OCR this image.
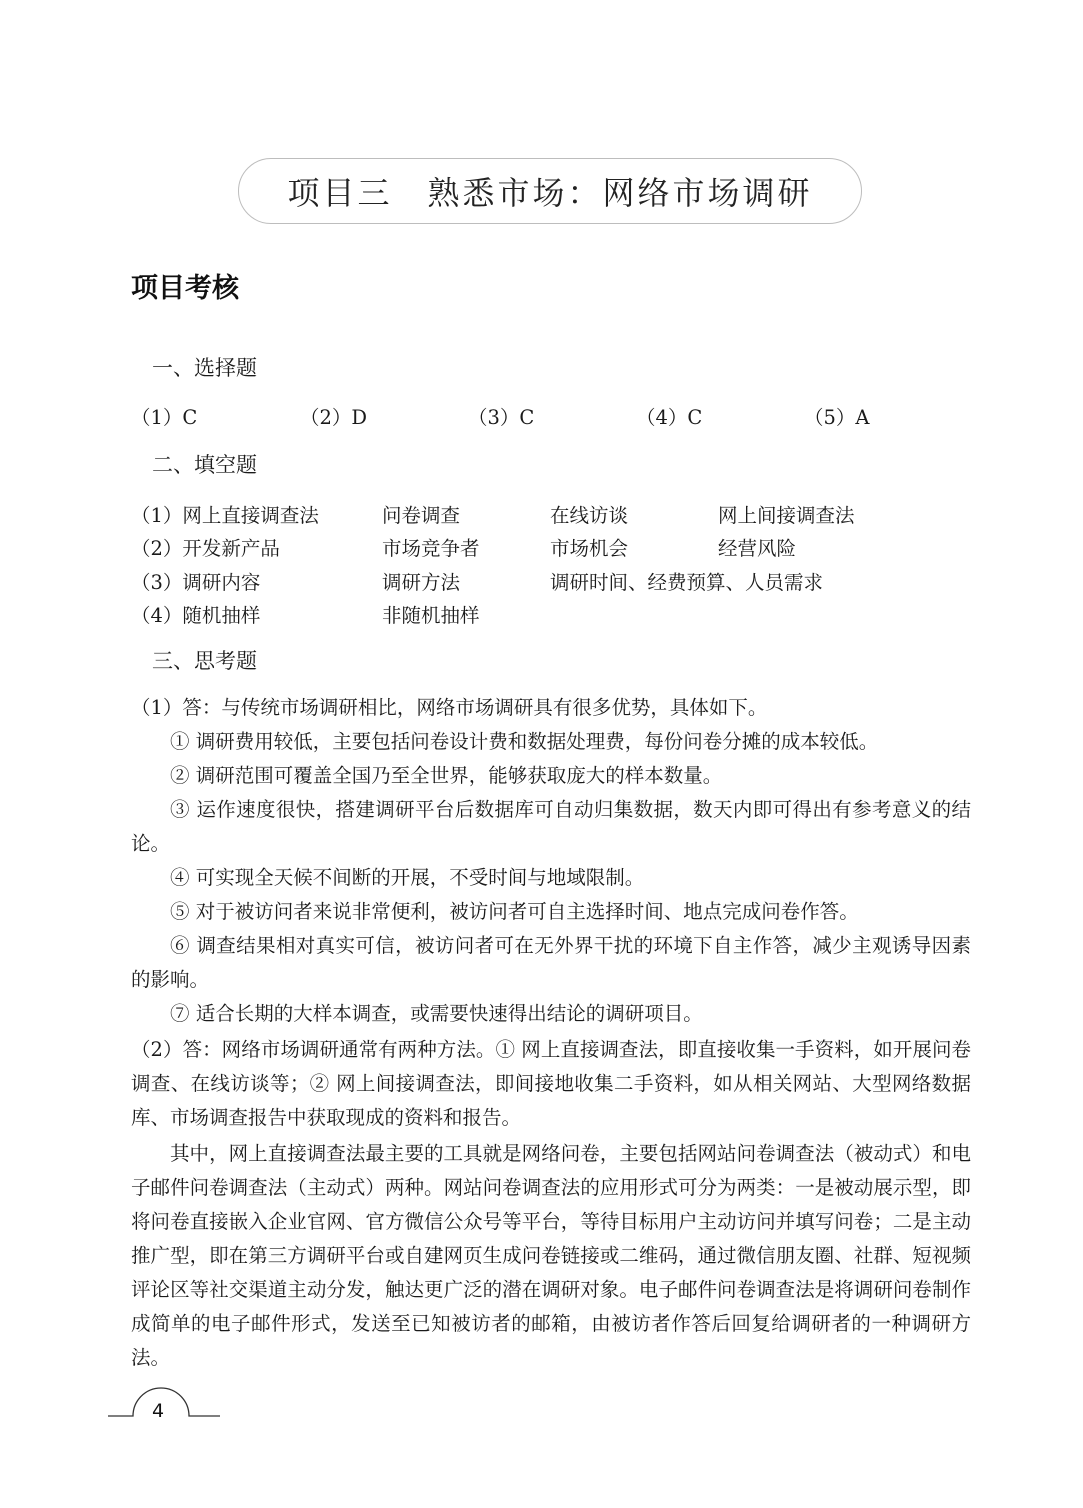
项目三　熟悉市场：网络市场调研
项目考核
一、选择题
（1）C	（2）D	（3）C	（4）C	（5）A
二、填空题
（1）网上直接调查法	问卷调查	在线访谈	网上间接调查法
（2）开发新产品	市场竞争者	市场机会	经营风险
（3）调研内容	调研方法	调研时间、经费预算、人员需求
（4）随机抽样	非随机抽样
三、思考题
（1）答：与传统市场调研相比，网络市场调研具有很多优势，具体如下。
① 调研费用较低，主要包括问卷设计费和数据处理费，每份问卷分摊的成本较低。
② 调研范围可覆盖全国乃至全世界，能够获取庞大的样本数量。
③ 运作速度很快，搭建调研平台后数据库可自动归集数据，数天内即可得出有参考意义的结论。
④ 可实现全天候不间断的开展，不受时间与地域限制。
⑤ 对于被访问者来说非常便利，被访问者可自主选择时间、地点完成问卷作答。
⑥ 调查结果相对真实可信，被访问者可在无外界干扰的环境下自主作答，减少主观诱导因素的影响。
⑦ 适合长期的大样本调查，或需要快速得出结论的调研项目。
（2）答：网络市场调研通常有两种方法。① 网上直接调查法，即直接收集一手资料，如开展问卷调查、在线访谈等；② 网上间接调查法，即间接地收集二手资料，如从相关网站、大型网络数据库、市场调查报告中获取现成的资料和报告。
其中，网上直接调查法最主要的工具就是网络问卷，主要包括网站问卷调查法（被动式）和电子邮件问卷调查法（主动式）两种。网站问卷调查法的应用形式可分为两类：一是被动展示型，即将问卷直接嵌入企业官网、官方微信公众号等平台，等待目标用户主动访问并填写问卷；二是主动推广型，即在第三方调研平台或自建网页生成问卷链接或二维码，通过微信朋友圈、社群、短视频评论区等社交渠道主动分发，触达更广泛的潜在调研对象。电子邮件问卷调查法是将调研问卷制作成简单的电子邮件形式，发送至已知被访者的邮箱，由被访者作答后回复给调研者的一种调研方法。
4
